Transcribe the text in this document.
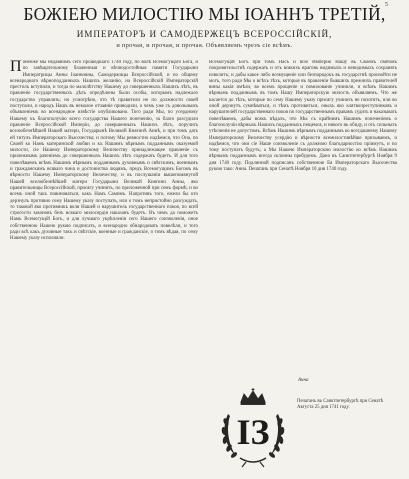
5
БОЖІЕЮ МИЛОСТІЮ МЫ ІОАННЪ ТРЕТІЙ,
ИМПЕРАТОРЪ И САМОДЕРЖЕЦЪ ВСЕРОССІЙСКІЙ,
и прочая, и прочая, и прочая. Объявляемъ чрезъ сіе всѣмъ.
П оненже мы недавнимъ сего прошедшаго 1740 году, по волѣ Всемогущаго Бога, и по завѣщательному блаженныя и вѣчнодостойныя памяти Государыни Императрицы Анны Іоанновны, Самодержицы Всероссійской, и по общему всенароднаго вѣрноподданныхъ Нашихъ желанію, на Всероссійскій Императорскій престолъ вступили, и тогда по малолѣтству Нашему до совершенныхъ Нашихъ лѣтъ, въ правленіе государственныхъ дѣлъ опредѣлены были особы, которымъ надлежало государство управлять; но усмотрѣно, что тѣ правители не по должности своей поступали, и народъ Нашъ въ немалое отчаяніе приводили, о чемъ уже съ довольнымъ объявленіемъ во всенародное извѣстіе опубликовано. Того ради Мы, по усердному Нашему къ благополучію всего государства Нашего попеченію, за благо разсудили правленіе Всероссійской Имперіи, до совершенныхъ Нашихъ лѣтъ, поручить вселюбезнѣйшей Нашей матери, Государынѣ Великой Княгинѣ Аннѣ, и при томъ дать ей титулъ Императорскаго Высочества; и потому Мы ревностно надѣемся, что Она, по Своей ко Намъ материнской любви и къ Нашимъ вѣрнымъ подданнымъ оказуемой милости, сіе Нашему Императорскому Величеству принадлежащее правленіе съ прилежнымъ раченіемъ до совершенныхъ Нашихъ лѣтъ содержать будетъ. И для того повелѣваемъ всѣмъ Нашимъ вѣрнымъ подданнымъ духовнымъ и свѣтскимъ, военнымъ и гражданскимъ всякаго чина и достоинства людямъ, предъ Всемогущимъ Богомъ въ вѣрности Нашему Императорскому Величеству, и въ послушаніи вышепомянутой Нашей вселюбезнѣйшей матери Государыни Великой Княгини Анны, яко правительницы Всероссійской, присягу учинить, по приложенной при семъ формѣ; и во всемъ оной такъ повиноваться, какъ Намъ Самимъ. Напротивъ того, ежели бы кто дерзнулъ противно сему Нашему указу поступать, или о томъ непристойно разсуждать, то таковой яко противникъ воли Нашей и нарушитель государственнаго покоя, по всей строгости законовъ безъ всякаго милосердія наказанъ будетъ. Въ чемъ да поможетъ Намъ Всемогущій Богъ, и для лучшаго укрѣпленія сего Нашего соизволенія, оное собственною Нашею рукою подписать, и всенародно обнародовать повелѣли, и того ради всѣ какъ духовные такъ и свѣтскіе, военные и гражданскіе, о томъ вѣдая, по сему Нашему указу исполняли.

Всемогущій Богъ при томъ Насъ и всю Имперію Нашу въ Своемъ святомъ покровительствѣ содержать и отъ всякихъ враговъ видимыхъ и невидимыхъ сохранять изволитъ; и дабы какое либо возмущеніе или безпорядокъ въ государствѣ произойти не могъ, того ради Мы о всѣхъ тѣхъ, которые въ правленіи бывшихъ прежнихъ правителей вины какія имѣли, во всемъ прощеніе и помилованіе учинили, и всѣмъ Нашимъ вѣрнымъ подданнымъ въ томъ Нашу Императорскую милость объявляемъ. Что же касается до тѣхъ, которые по сему Нашему указу присягу учинить не похотятъ, или во оной дерзнутъ сумнѣваться, и тѣмъ противиться, оныхъ яко клятвопреступниковъ и нарушителей государственнаго покоя по государственнымъ правамъ судить и наказывать повелѣваемъ, дабы всякъ вѣдалъ, что Мы съ крайнимъ Нашимъ попеченіемъ о благополучіи вѣрныхъ Нашихъ подданныхъ пещемся, и никого въ обиду, и отъ сильныхъ утѣсненія не допустимъ. Всѣмъ Нашимъ вѣрнымъ подданнымъ ко всегдашнему Нашему Императорскому Величеству усердію и вѣрности всемилостивѣйше призываемъ, и надѣемся, что они сіе Наше соизволеніе съ должною благодарностію пріимутъ, и по тому поступать будутъ; а Мы Нашею Императорскою милостію ко всѣмъ Нашимъ вѣрнымъ подданнымъ всегда склонны пребудемъ. Дано въ Санктпетербургѣ Ноября 9 дня 1740 году. Подлинной подписанъ собственною Ея Императорскаго Высочества рукою тако: Анна. Печатанъ при Сенатѣ Ноября 10 дня 1740 году.

Анна
ІЗ
Печатанъ въ Санктпетербургѣ при Сенатѣ
Августа 25 дня 1741 году.
